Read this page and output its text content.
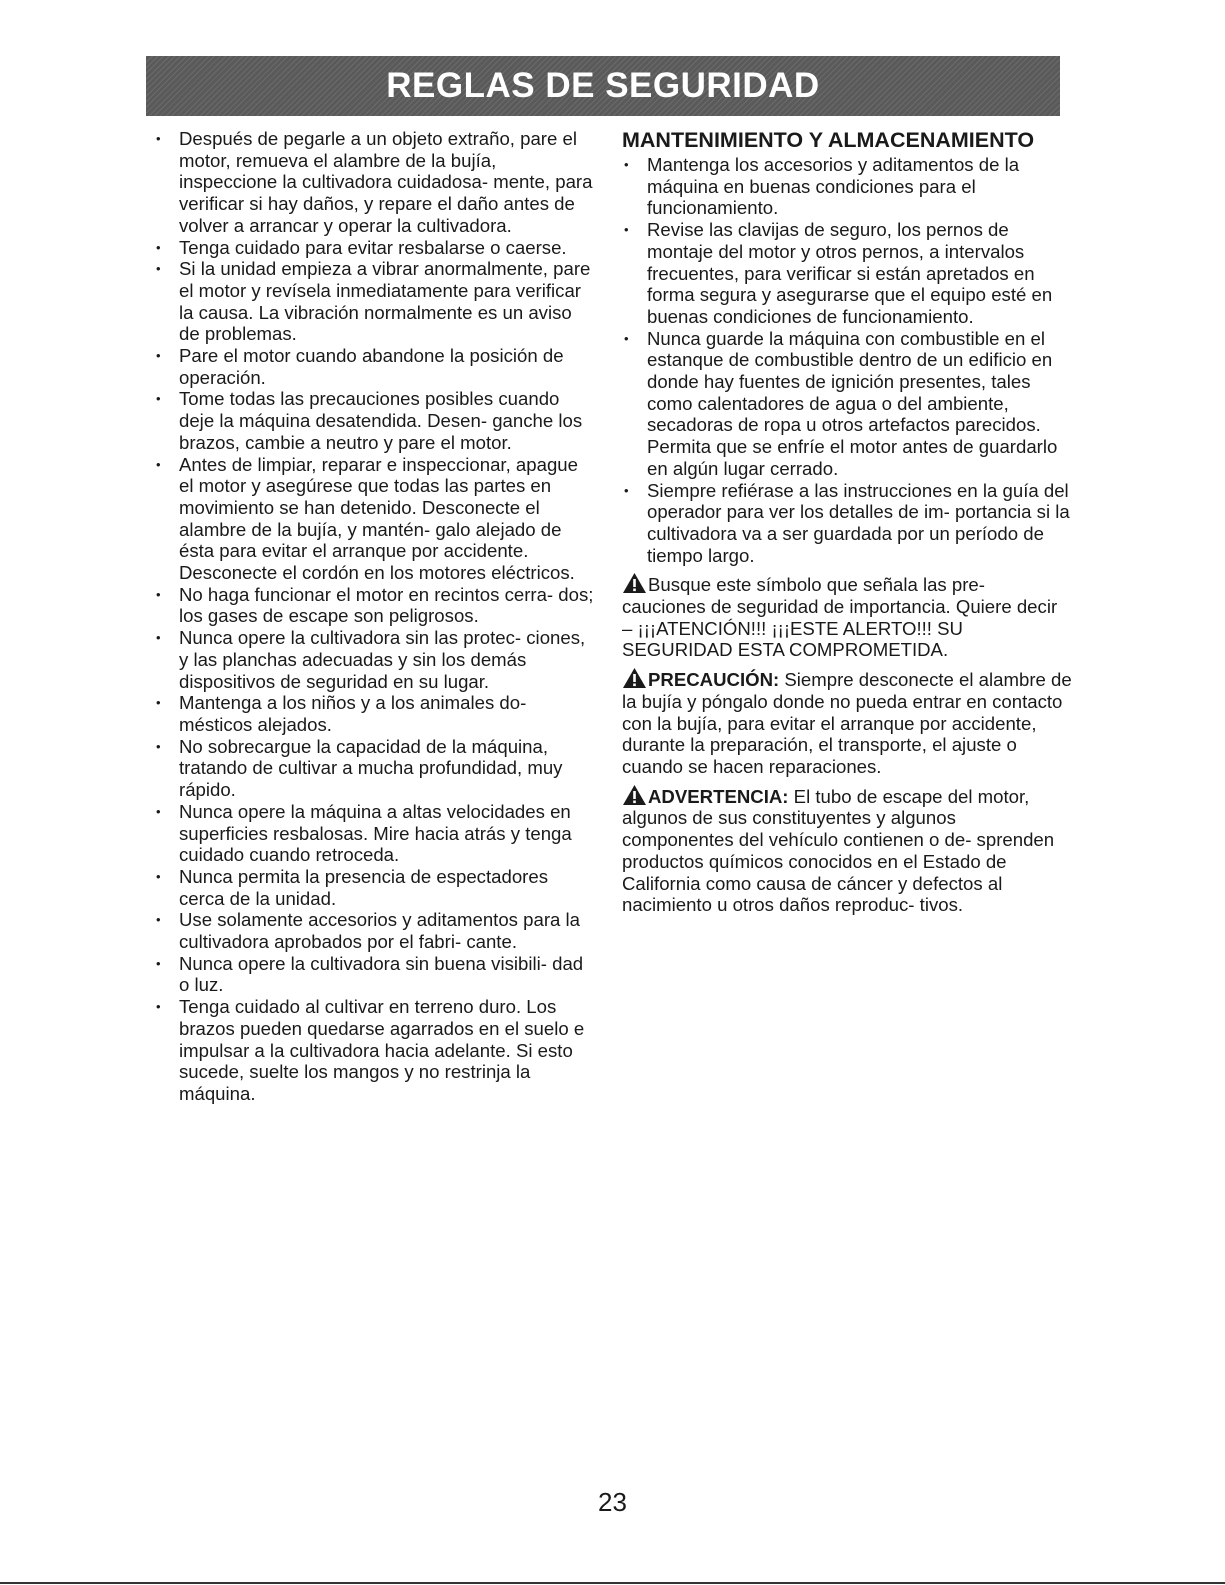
REGLAS DE SEGURIDAD
• Después de pegarle a un objeto extraño, pare el motor, remueva el alambre de la bujía, inspeccione la cultivadora cuidadosa- mente, para verificar si hay daños, y repare el daño antes de volver a arrancar y operar la cultivadora.
• Tenga cuidado para evitar resbalarse o caerse.
• Si la unidad empieza a vibrar anormalmente, pare el motor y revísela inmediatamente para verificar la causa. La vibración normalmente es un aviso de problemas.
• Pare el motor cuando abandone la posición de operación.
• Tome todas las precauciones posibles cuando deje la máquina desatendida. Desen- ganche los brazos, cambie a neutro y pare el motor.
• Antes de limpiar, reparar e inspeccionar, apague el motor y asegúrese que todas las partes en movimiento se han detenido. Desconecte el alambre de la bujía, y mantén- galo alejado de ésta para evitar el arranque por accidente. Desconecte el cordón en los motores eléctricos.
• No haga funcionar el motor en recintos cerra- dos; los gases de escape son peligrosos.
• Nunca opere la cultivadora sin las protec- ciones, y las planchas adecuadas y sin los demás dispositivos de seguridad en su lugar.
• Mantenga a los niños y a los animales do- mésticos alejados.
• No sobrecargue la capacidad de la máquina, tratando de cultivar a mucha profundidad, muy rápido.
• Nunca opere la máquina a altas velocidades en superficies resbalosas. Mire hacia atrás y tenga cuidado cuando retroceda.
• Nunca permita la presencia de espectadores cerca de la unidad.
• Use solamente accesorios y aditamentos para la cultivadora aprobados por el fabri- cante.
• Nunca opere la cultivadora sin buena visibili- dad o luz.
• Tenga cuidado al cultivar en terreno duro. Los brazos pueden quedarse agarrados en el suelo e impulsar a la cultivadora hacia adelante. Si esto sucede, suelte los mangos y no restrinja la máquina.
MANTENIMIENTO Y ALMACENAMIENTO
• Mantenga los accesorios y aditamentos de la máquina en buenas condiciones para el funcionamiento.
• Revise las clavijas de seguro, los pernos de montaje del motor y otros pernos, a intervalos frecuentes, para verificar si están apretados en forma segura y asegurarse que el equipo esté en buenas condiciones de funcionamiento.
• Nunca guarde la máquina con combustible en el estanque de combustible dentro de un edificio en donde hay fuentes de ignición presentes, tales como calentadores de agua o del ambiente, secadoras de ropa u otros artefactos parecidos. Permita que se enfríe el motor antes de guardarlo en algún lugar cerrado.
• Siempre refiérase a las instrucciones en la guía del operador para ver los detalles de im- portancia si la cultivadora va a ser guardada por un período de tiempo largo.

Busque este símbolo que señala las pre- cauciones de seguridad de importancia. Quiere decir – ¡¡¡ATENCIÓN!!! ¡¡¡ESTE ALERTO!!! SU SEGURIDAD ESTA COMPROMETIDA.

PRECAUCIÓN: Siempre desconecte el alambre de la bujía y póngalo donde no pueda entrar en contacto con la bujía, para evitar el arranque por accidente, durante la preparación, el transporte, el ajuste o cuando se hacen reparaciones.

ADVERTENCIA: El tubo de escape del motor, algunos de sus constituyentes y algunos componentes del vehículo contienen o de- sprenden productos químicos conocidos en el Estado de California como causa de cáncer y defectos al nacimiento u otros daños reproduc- tivos.

23
